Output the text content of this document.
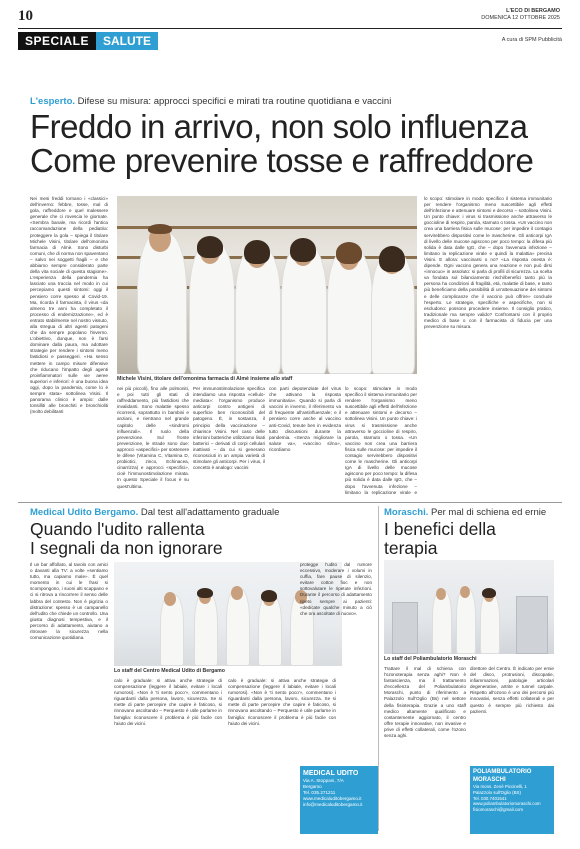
10	L'ECO DI BERGAMO
DOMENICA 12 OTTOBRE 2025
SPECIALE	SALUTE	A cura di SPM Pubblicità
L'esperto. Difese su misura: approcci specifici e mirati tra routine quotidiana e vaccini
Freddo in arrivo, non solo influenza
Come prevenire tosse e raffreddore
Nei mesi freddi tornano i «classici» dell'inverno: febbre, tosse, mal di gola, raffreddore e quel malessere generale che ci rovescia le giornate. «Sembra banale, ma ricordi l'antica raccomandazione della pediatria: proteggere la gola – spiega il titolare Michele Visini, titolare dell'omonima farmacia di Almè. Sono disturbi comuni, che di norma non spaventano – salvo nei soggetti fragili – e che abbiamo sempre considerato parte della vita sociale di questa stagione». L'esperienza della pandemia ha lasciato una traccia nel modo in cui percepiamo questi sintomi: oggi il pensiero corre spesso al Covid-19. Ma, ricorda il farmacista, il virus «da almeno tre anni ha completato il processo di endemizzazione», ed è entrato stabilmente nel nostro vissuto, alla stregua di altri agenti patogeni che da sempre popolano l'inverno. L'obiettivo, dunque, non è farsi dominare dalla paura, ma adottare strategie per rendere i sintomi meno fastidiosi e passeggeri. «Ha senso mettere in campo misure difensive che riducano l'impatto degli agenti proinfiammatori sulle vie aeree superiori e inferiori: è una buona idea oggi, dopo la pandemia, come lo è sempre stata» sottolinea Visini. Il panorama clinico è ampio: dalle tonsilliti alle bronchiti e bronchioliti (molto debilitanti
Michele Visini, titolare dell'omonima farmacia di Almè insieme allo staff
nei più piccoli), fino alle polmoniti, e poi tutti gli stati di raffreddamento, più fastidiosi che invalidanti. Sono malattie spesso ricorrenti, soprattutto in bambini e anziani, e rientrano nel grande capitolo delle «sindromi influenzali». Il ruolo della prevenzione. Sul fronte prevenzione, le strade sono due: approcci «aspecifici» per sostenere le difese (Vitamina C, Vitamina D, probiotici, zinco, Echinacea, cinarrizza) e approcci «specifici», cioè l'immunostimolazione mirata. In questo Speciale il focus è su quest'ultima.
Per immunostimolazione specifica intendiamo una risposta «cellulo-mediata»: l'organismo produce anticorpi contro antigeni di superficie ben riconoscibili del patogeno. È, in sostanza, il principio della vaccinazione – chiarisce Visini. Nel caso delle infezioni batteriche utilizziamo lisati batterici – derivati di corpi cellulari inattivati – da cui si generano riconosciuti in un ampia varietà di stimolare gli anticorpi. Per i virus, il concetto è analogo: vaccini
con parti depotenziate del virus che attivano la risposta immunitaria». Quando si parla di vaccini in inverno, il riferimento va di frequente all'antinfluenzale; e il pensiero corre anche al vaccino anti-Covid, tenute ben in evidenza tutto discussioni durante la pandemia. «Senza migliorare la salute va», «vaccino sì/no», ricordiamo
lo scopo: stimolare in modo specifico il sistema immunitario per rendere l'organismo meno suscettibile agli effetti dell'infezione e attenuare sintomi e decorso – sottolinea Visini. Un punto chiave: i virus si trasmissione anche attraverso le goccioline di respiro, parola, starnuto o tossa. «Un vaccino non crea una barriera fisica sulle mucose: per impedire il contagio servirebbero dispositivi come le mascherine. Gli anticorpi IgA di livello delle mucose agiscono per poco tempo: la difesa più solida è data dalle IgG, che – dopo l'avvenuta infezione – limitano la replicazione virale e
lo scopo: stimolare in modo specifico il sistema immunitario per rendere l'organismo meno suscettibile agli effetti dell'infezione e attenuare sintomi e decorso – sottolinea Visini. Un punto chiave: i virus si trasmissione anche attraverso le goccioline di respiro, parola, starnuto o tossa. «Un vaccino non crea una barriera fisica sulle mucose: per impedire il contagio servirebbero dispositivi come le mascherine. Gli anticorpi IgA di livello delle mucose agiscono per poco tempo: la difesa più solida è data dalle IgG, che – dopo l'avvenuta infezione – limitano la replicazione virale e quindi la malattia» precisa Visini. E allora: vaccinarsi o no? «La risposta onesta è: dipende. Ogni vaccino genera una reazione e non può dirsi «innocuo» in assoluto: si parla di profili di sicurezza. La scelta va fondata sul bilanciamento rischi/benefici tanto più la persona ha condizioni di fragilità, età, malattie di base, e tanto più beneficiamo della possibilità di un'attenuazione dei sintomi e delle complicanze che il vaccino può offrire» conclude l'esperto. Le strategie, specifiche e aspecifiche, non si escludono: possono procedere insieme. Il consiglio pratico, tradizionale ma sempre valido? Confrontarsi con il proprio medico di base o con il farmacista di fiducia per una prevenzione su misura.
Medical Udito Bergamo. Dal test all'adattamento graduale
Quando l'udito rallenta
I segnali da non ignorare
Il un bar affollato, al tavolo con amici o davanti alla TV: a volte «sentiamo tutto, ma capiamo male». È quel momento in cui le frasi si scompongono, i suoni alti scappano e ci si ritrova a rincorrere il senso delle labbra del contesto. Non è pigrizia o distrazione: spesso è un campanello dell'udito che chiede un controllo. Una giusta diagnosi tempestiva, e il percorso di adattamento, aiutano a ritrovare la sicurezza nella comunicazione quotidiana.
Lo staff del Centro Medical Udito di Bergamo
calo è graduale: si attiva anche strategie di compensazione (leggere il labiale, evitare i locali rumorosi). «Non è 'ti sento poco'», commentano i riguardanti dalla persona, lavoro, sicurezza. Se si mette di parte percepire che capire è faticoso, si rinnovano ascoltando – Perquesto è utile parlarne in famiglia: riconoscere il problema è più facile con l'aiuto dei vicini.
calo è graduale: si attiva anche strategie di compensazione (leggere il labiale, evitare i locali rumorosi). «Non è 'ti sento poco'», commentano i riguardanti dalla persona, lavoro, sicurezza. Se si mette di parte percepire che capire è faticoso, si rinnovano ascoltando – Perquesto è utile parlarne in famiglia: riconoscere il problema è più facile con l'aiuto dei vicini.
protegge l'udito dal rumore eccessivo, moderare i volumi in cuffia, fare pause di silenzio, evitare cotton fioc e non sottovalutare le ripetute infezioni. Durante il percorso di adattamento ripeto sempre ai pazienti: «dedicate qualche minuto a ciò che ora ascoltate di nuovo».
MEDICAL UDITO
Via A. Stoppani, 7/A
Bergamo
Tel. 035.271211
www.medicaluditobergamo.it
info@medicaluditobergamo.it
Moraschi. Per mal di schiena ed ernie
I benefici della terapia
Lo staff del Poliambulatorio Moraschi
Trattare il mal di schiena con l'ozonoterapia senza aghi? Non è fantascienza, ma il trattamento d'eccellenza del Poliambulatorio Moraschi, punto di riferimento a Palazzolo Sull'Oglio (Bs) nel settore della fisioterapia. Grazie a uno staff medico altamente qualificato e costantemente aggiornato, il centro offre terapie innovative, non invasive e prive di effetti collaterali, come l'ozono senza aghi.
direttore del Centro. È indicato per ernie del disco, protrusioni, discopatie, infiammazioni, patologie articolari degenerative, artrite e tunnel carpale. Rispetto all'ozono è uno dei percorsi più innovativi, senza effetti collaterali e per questo è sempre più richiesto dai pazienti.
POLIAMBULATORIO MORASCHI
Via mons. Zenè Piccinelli, 1
Palazzolo sull'Oglio (BS)
Tel. 030.7401541
www.poliambulatoriomoraschi.com
fisiomoraschi@gmail.com
